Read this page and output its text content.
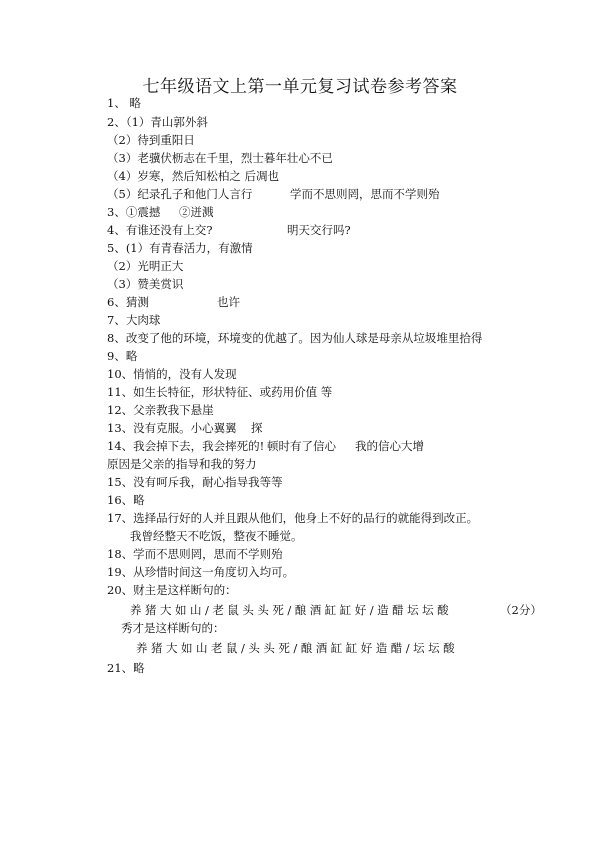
七年级语文上第一单元复习试卷参考答案
1、 略
2、（1）青山郭外斜
（2）待到重阳日
（3）老骥伏枥志在千里，烈士暮年壮心不已
（4）岁寒，然后知松柏之 后凋也
（5）纪录孔子和他门人言行	学而不思则罔，思而不学则殆
3、①震撼 ②迸溅
4、有谁还没有上交?	明天交行吗?
5、(1）有青春活力，有激情
（2）光明正大
（3）赞美赏识
6、猜测	也许
7、大肉球
8、改变了他的环境，环境变的优越了。因为仙人球是母亲从垃圾堆里拾得
9、略
10、悄悄的，没有人发现
11、如生长特征，形状特征、或药用价值 等
12、父亲教我下悬崖
13、没有克服。小心翼翼 探
14、我会掉下去，我会摔死的! 顿时有了信心 我的信心大增
原因是父亲的指导和我的努力
15、没有呵斥我，耐心指导我等等
16、略
17、选择品行好的人并且跟从他们，他身上不好的品行的就能得到改正。
我曾经整天不吃饭，整夜不睡觉。
18、学而不思则罔，思而不学则殆
19、从珍惜时间这一角度切入均可。
20、财主是这样断句的：
养猪大如山/老鼠头头死/酿酒缸缸好/造醋坛坛酸	（2分）
秀才是这样断句的：
养猪大如山老鼠/头头死/酿酒缸缸好造醋/坛坛酸
21、略
